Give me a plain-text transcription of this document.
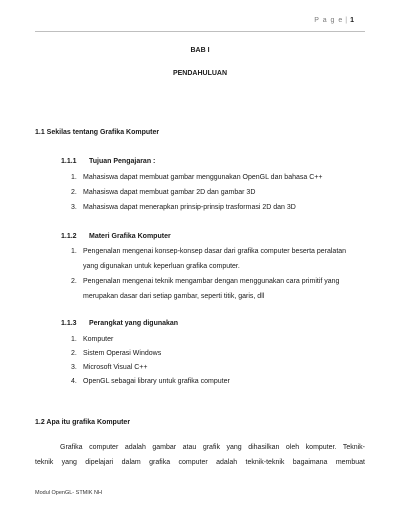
P a g e | 1
BAB I
PENDAHULUAN
1.1 Sekilas tentang Grafika Komputer
1.1.1 Tujuan Pengajaran :
1. Mahasiswa dapat membuat gambar menggunakan OpenGL dan bahasa C++
2. Mahasiswa dapat membuat gambar 2D dan gambar 3D
3. Mahasiswa dapat menerapkan prinsip-prinsip trasformasi 2D dan 3D
1.1.2 Materi Grafika Komputer
1. Pengenalan mengenai konsep-konsep dasar dari grafika computer beserta peralatan
yang digunakan untuk keperluan grafika computer.
2. Pengenalan mengenai teknik mengambar dengan menggunakan cara primitif yang
merupakan dasar dari setiap gambar, seperti titik, garis, dll
1.1.3 Perangkat yang digunakan
1. Komputer
2. Sistem Operasi Windows
3. Microsoft Visual C++
4. OpenGL sebagai library untuk grafika computer
1.2 Apa itu grafika Komputer
Grafika computer adalah gambar atau grafik yang dihasilkan oleh komputer. Teknik-
teknik yang dipelajari dalam grafika computer adalah teknik-teknik bagaimana membuat
Modul OpenGL- STMIK NH
